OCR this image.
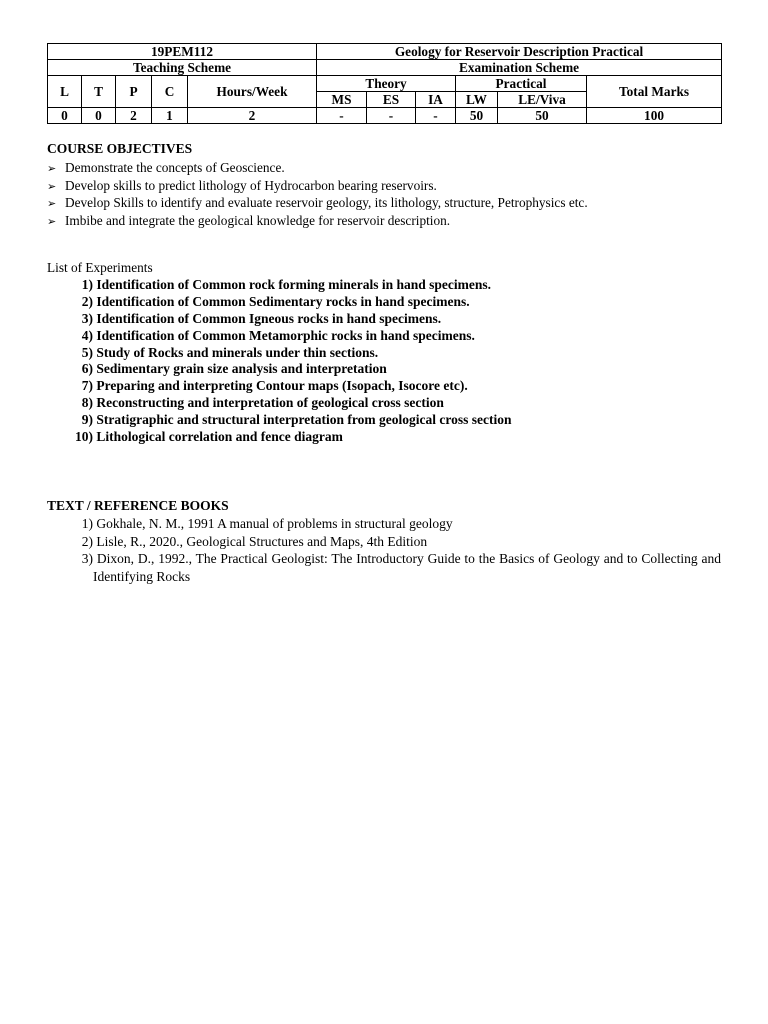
19PEM112					Geology for Reservoir Description Practical					
Teaching Scheme					Examination Scheme					
L	T	P	C	Hours/Week	Theory			Practical		Total Marks
					MS	ES	IA	LW	LE/Viva	
0	0	2	1	2	-	-	-	50	50	100
COURSE OBJECTIVES
➢ Demonstrate the concepts of Geoscience.
➢ Develop skills to predict lithology of Hydrocarbon bearing reservoirs.
➢ Develop Skills to identify and evaluate reservoir geology, its lithology, structure, Petrophysics etc.
➢ Imbibe and integrate the geological knowledge for reservoir description.
List of Experiments
1) Identification of Common rock forming minerals in hand specimens.
2) Identification of Common Sedimentary rocks in hand specimens.
3) Identification of Common Igneous rocks in hand specimens.
4) Identification of Common Metamorphic rocks in hand specimens.
5) Study of Rocks and minerals under thin sections.
6) Sedimentary grain size analysis and interpretation
7) Preparing and interpreting Contour maps (Isopach, Isocore etc).
8) Reconstructing and interpretation of geological cross section
9) Stratigraphic and structural interpretation from geological cross section
10) Lithological correlation and fence diagram
TEXT / REFERENCE BOOKS
1) Gokhale, N. M., 1991 A manual of problems in structural geology
2) Lisle, R., 2020., Geological Structures and Maps, 4th Edition
3) Dixon, D., 1992., The Practical Geologist: The Introductory Guide to the Basics of Geology and to Collecting and Identifying Rocks
